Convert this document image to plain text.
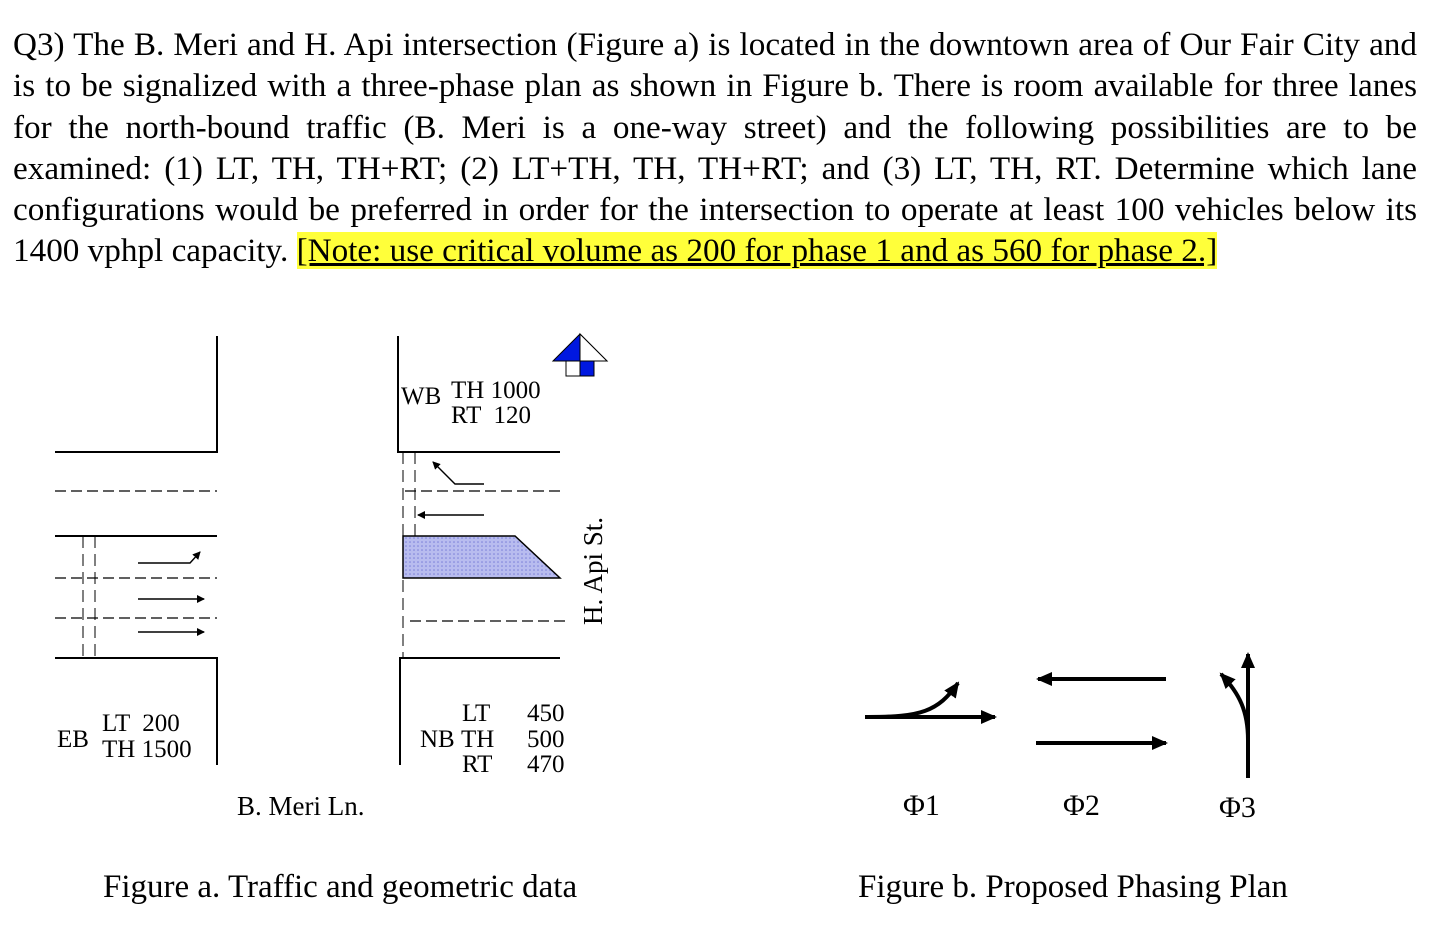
Q3) The B. Meri and H. Api intersection (Figure a) is located in the downtown area of Our Fair City and is to be signalized with a three-phase plan as shown in Figure b. There is room available for three lanes for the north-bound traffic (B. Meri is a one-way street) and the following possibilities are to be examined: (1) LT, TH, TH+RT; (2) LT+TH, TH, TH+RT; and (3) LT, TH, RT. Determine which lane configurations would be preferred in order for the intersection to operate at least 100 vehicles below its 1400 vphpl capacity. [Note: use critical volume as 200 for phase 1 and as 560 for phase 2.]
WB TH 1000
RT  120
EB
LT  200
TH 1500	NB
LT 450
TH 500
RT 470
H. Api St.
B. Meri Ln.
Figure a. Traffic and geometric data
Φ1	Φ2	Φ3
Figure b. Proposed Phasing Plan
